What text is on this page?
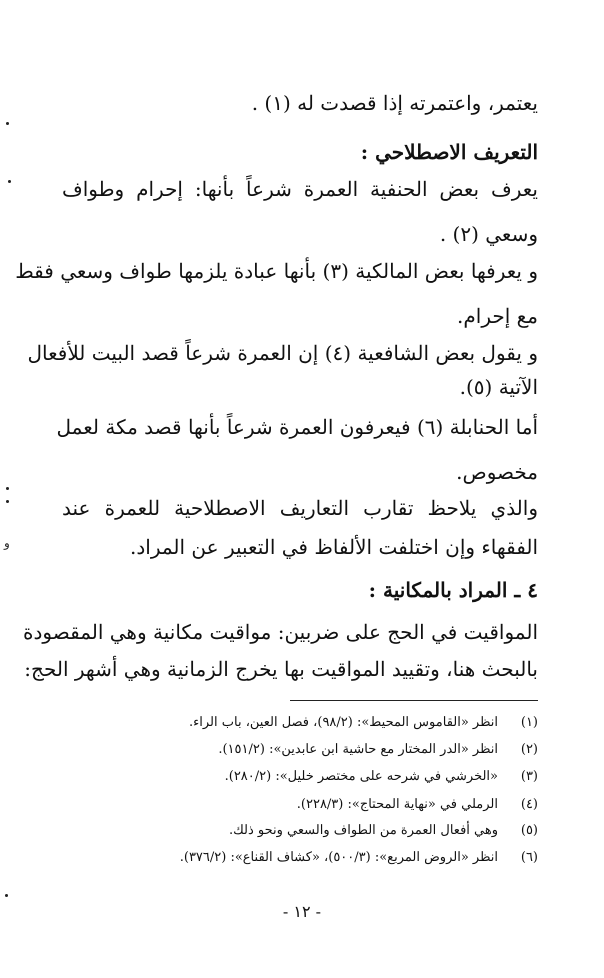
يعتمر، واعتمرته إذا قصدت له (١) .
التعريف الاصطلاحي :
يعرف بعض الحنفية العمرة شرعاً بأنها: إحرام وطواف
وسعي (٢) .
و يعرفها بعض المالكية (٣) بأنها عبادة يلزمها طواف وسعي فقط
مع إحرام.
و يقول بعض الشافعية (٤) إن العمرة شرعاً قصد البيت للأفعال
الآتية (٥).
أما الحنابلة (٦) فيعرفون العمرة شرعاً بأنها قصد مكة لعمل
مخصوص.
والذي يلاحظ تقارب التعاريف الاصطلاحية للعمرة عند
الفقهاء وإن اختلفت الألفاظ في التعبير عن المراد.
٤ ـ المراد بالمكانية :
المواقيت في الحج على ضربين: مواقيت مكانية وهي المقصودة
بالبحث هنا، وتقييد المواقيت بها يخرج الزمانية وهي أشهر الحج:
(١)انظر «القاموس المحيط»: (٩٨/٢)، فصل العين، باب الراء.
(٢)انظر «الدر المختار مع حاشية ابن عابدين»: (١٥١/٢).
(٣)«الخرشي في شرحه على مختصر خليل»: (٢٨٠/٢).
(٤)الرملي في «نهاية المحتاج»: (٢٢٨/٣).
(٥)وهي أفعال العمرة من الطواف والسعي ونحو ذلك.
(٦)انظر «الروض المربع»: (٥٠٠/٣)، «كشاف القناع»: (٣٧٦/٢).
- ١٢ -
و
